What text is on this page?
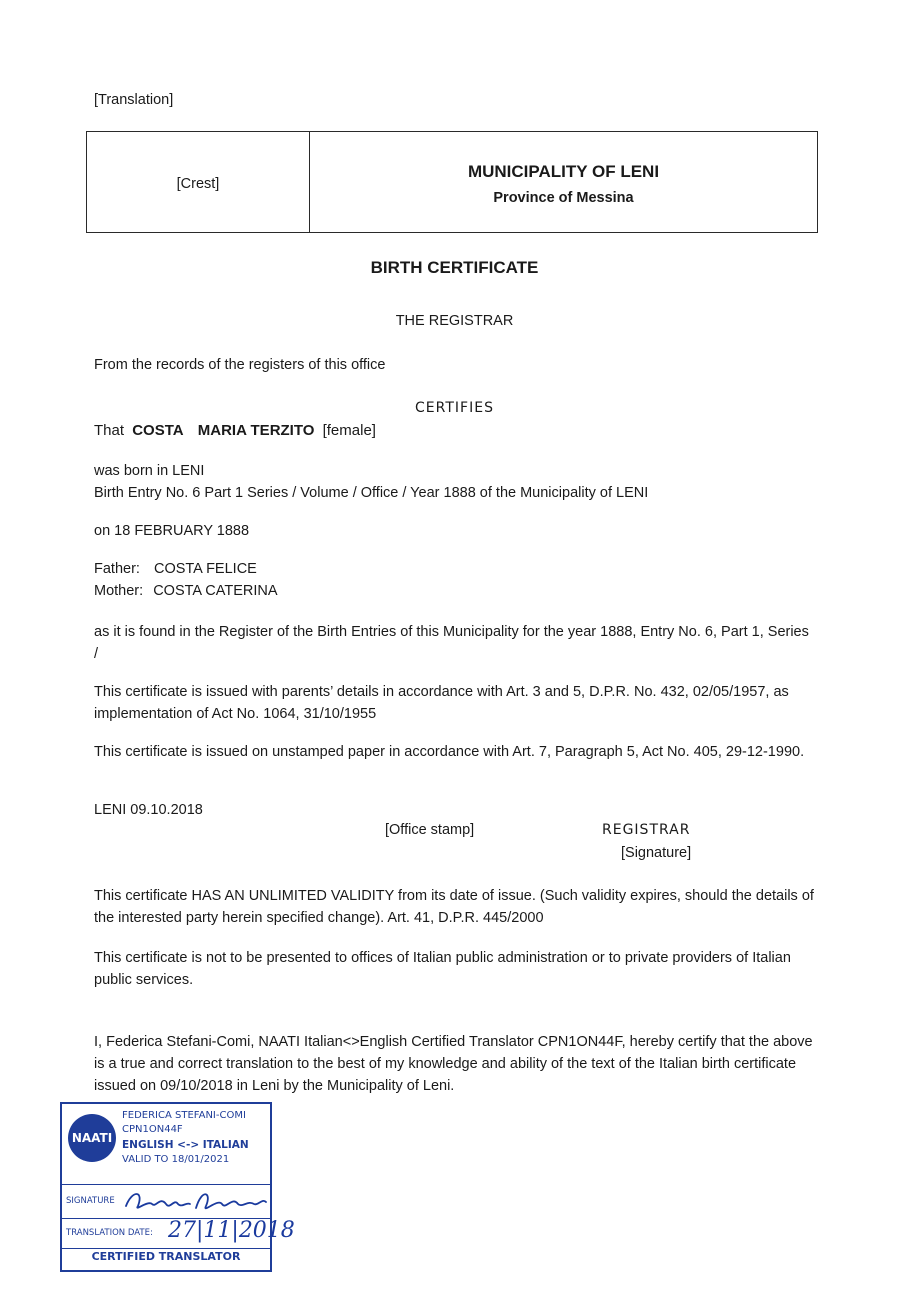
[Translation]
[Crest]
MUNICIPALITY OF LENI
Province of Messina
BIRTH CERTIFICATE
THE REGISTRAR
From the records of the registers of this office
CERTIFIES
That COSTA MARIA TERZITO [female]
was born in LENI
Birth Entry No. 6 Part 1 Series / Volume / Office / Year 1888 of the Municipality of LENI
on 18 FEBRUARY 1888
Father: COSTA FELICE
Mother: COSTA CATERINA
as it is found in the Register of the Birth Entries of this Municipality for the year 1888, Entry No. 6, Part 1, Series /
This certificate is issued with parents’ details in accordance with Art. 3 and 5, D.P.R. No. 432, 02/05/1957, as implementation of Act No. 1064, 31/10/1955
This certificate is issued on unstamped paper in accordance with Art. 7, Paragraph 5, Act No. 405, 29-12-1990.
LENI 09.10.2018
[Office stamp]	REGISTRAR
[Signature]
This certificate HAS AN UNLIMITED VALIDITY from its date of issue. (Such validity expires, should the details of the interested party herein specified change). Art. 41, D.P.R. 445/2000
This certificate is not to be presented to offices of Italian public administration or to private providers of Italian public services.
I, Federica Stefani-Comi, NAATI Italian<>English Certified Translator CPN1ON44F, hereby certify that the above is a true and correct translation to the best of my knowledge and ability of the text of the Italian birth certificate issued on 09/10/2018 in Leni by the Municipality of Leni.
NAATI
FEDERICA STEFANI-COMI
CPN1ON44F
ENGLISH <-> ITALIAN
VALID TO 18/01/2021
SIGNATURE
TRANSLATION DATE: 27|11|2018
CERTIFIED TRANSLATOR
